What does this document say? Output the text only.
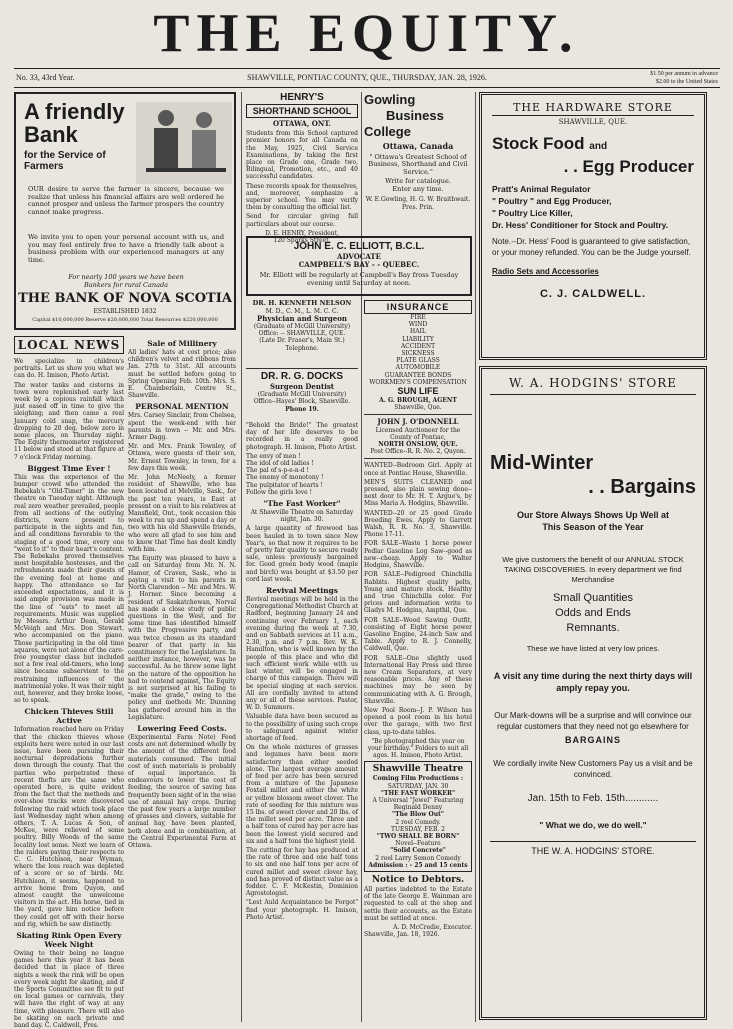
THE EQUITY.
No. 33, 43rd Year.	SHAWVILLE, PONTIAC COUNTY, QUE., THURSDAY, JAN. 28, 1926.	$1.50 per annum in advance
$2.00 to the United States
A friendly Bank
for the Service of Farmers
OUR desire to serve the farmer is sincere, because we realize that unless his financial affairs are well ordered he cannot prosper and unless the farmer prospers the country cannot make progress.
We invite you to open your personal account with us, and you may feel entirely free to have a friendly talk about a business problem with our experienced managers at any time.
For nearly 100 years we have been Bankers for rural Canada
THE BANK OF NOVA SCOTIA
ESTABLISHED 1832
Capital $10,000,000 Reserve $20,000,000 Total Resources $220,000,000
LOCAL NEWS

We specialize in children's portraits. Let us show you what we can do. H. Imison, Photo Artist.

The water tanks and cisterns in town were replenished early last week by a copious rainfall which just eased off in time to give the sleighing; and then came a real January cold snap, the mercury dropping to 20 deg. below zero in some places, on Thursday night. The Equity thermometer registered 11 below and stood at that figure at 7 o'clock Friday morning.

Biggest Time Ever !

This was the experience of the bumper crowd who attended the Rebekah's "Old-Timer" in the new theatre on Tuesday night. Although real zero weather prevailed, people from all sections of the outlying districts, were present to participate in the sights and fun, and all conditions favorable to the staging of a good time, every one "went to it" to their heart's content. The Rebekahs proved themselves most hospitable hostesses, and the refreshments made their guests of the evening feel at home and happy. The attendance so far exceeded expectations, and it is said ample provision was made in the line of "eats" to meet all requirements. Music was supplied by Messrs. Arthur Dean, Gerald McVeigh and Mrs. Don Stewart, who accompanied on the piano. Those participating in the old time squares, were not alone of the care-free youngster class but included not a few real old-timers, who long since became subservient to the restraining influences of the matrimonial yoke. It was their night out, however, and they broke loose, so to speak.

Chicken Thieves Still Active

Information reached here on Friday that the chicken thieves whose exploits here were noted in our last issue, have been pursuing their nocturnal depredations further down through the county. That the parties who perpetrated these recent thefts are the same who operated here, is quite evident from the fact that the methods and over-shoe tracks were discovered following the raid which took place last Wednesday night when among others, T. A. Lucas & Son, of McKee, were relieved of some poultry. Billy Woods of the same locality lost some. Next we learn of the raiders paying their respects to C. C. Hutchison, near Wyman, where the loss reach was depleted of a score or so of birds. Mr. Hutchison, it seems, happened to arrive home from Quyon, and almost caught the unwelcome visitors in the act. His horse, tied in the yard, gave him notice before they could get off with their horse and rig, which he saw distinctly.

Skating Rink Open Every Week Night

Owing to their being no league games here this year it has been decided that in place of three nights a week the rink will be open every week night for skating, and if the Sports Committee see fit to put on local games or carnivals, they will have the right of way at any time, with pleasure. There will also be skating on each private and band day. C. Caldwell, Pres.

Sale of Millinery

All ladies' hats at cost price; also children's velvet and ribbons from Jan. 27th to 31st. All accounts must be settled before going to Spring Opening Feb. 10th. Mrs. S. E. Chamberlain, Centre St., Shawville.

PERSONAL MENTION

Mrs. Carsey Sinclair, from Chelsea, spent the week-end with her parents in town -- Mr. and Mrs. Armer Dagg.

Mr. and Mrs. Frank Townley, of Ottawa, were guests of their son, Mr. Ernest Townley, in town, for a few days this week.

Mr. John McNeely, a former resident of Shawville, who has been located at Melville, Sask., for the past ten years, is East at present on a visit to his relatives at Mansfield, Ont., took occasion this week to run up and spend a day or two with his old Shawville friends, who were all glad to see him and to know that Time has dealt kindly with him.

The Equity was pleased to have a call on Saturday from Mr. N. N. Hamer, of Craven, Sask., who is paying a visit to his parents in North Clarendon -- Mr. and Mrs. W. J. Horner. Since becoming a resident of Saskatchewan, Norval has made a close study of public questions in the West, and for some time has identified himself with the Progressive party, and was twice chosen as its standard bearer of that party in his constituency for the Legislature. In neither instance, however, was he successful. As he threw some light on the nature of the opposition he had to contend against, The Equity is not surprised at his failing to "make the grade," owing to the policy and methods Mr. Dunning has gathered around him in the Legislature.

Lowering Feed Costs.

(Experimental Farm Note) Feed costs are not determined wholly by the amount of the different food materials consumed. The initial cost of such materials is probably of equal importance. In endeavours to lower the cost of feeding, the source of saving has frequently been sight of in the wise use of annual hay crops. During the past few years a large number of grasses and clovers, suitable for annual hay, have been planted, both alone and in combination, at the Central Experimental Farm at Ottawa.

HENRY'S
SHORTHAND SCHOOL
OTTAWA, ONT.

Students from this School captured premier honors for all Canada on the May, 1925, Civil Service Examinations, by taking the first place on Grade one, Grade two, Bilingual, Promotion, etc., and 40 successful candidates.

These records speak for themselves, and, moreover, emphasize a superior school. You may verify them by consulting the official list.

Send for circular giving full particulars about our course.

D. E. HENRY, President,
120 Sparks Street.
Gowling
Business
College
Ottawa, Canada

" Ottawa's Greatest School of Business, Shorthand and Civil Service."

Write for catalogue.
Enter any time.
W. E.Gowling, H. G. W. Braithwait.
Pres. Prin.
JOHN E. C. ELLIOTT, B.C.L.
ADVOCATE
CAMPBELL'S BAY - - QUEBEC.
Mr. Elliott will be regularly at Campbell's Bay fross Tuesday evening until Saturday at noon.
DR. H. KENNETH NELSON
M. D., C. M., L. M. C. C.
Physician and Surgeon
(Graduate of McGill University)
Office: -- SHAWVILLE, QUE.
(Late Dr. Fraser's, Main St.)
Telephone.
DR. R. G. DOCKS
Surgeon Dentist
(Graduate McGill University)
Office--Hayes' Block, Shawville.
Phone 19.

"Behold the Bride!" The greatest day of her life deserves to be recorded in a really good photograph. H. Imison, Photo Artist.

The envy of men !
The idol of old ladies !
The pal of s-p-e-n-d !
The enemy of monotony !
The pulpitator of hearts !
Follow the girls love !
"The Fast Worker"

At Shawville Theatre on Saturday night, Jan. 30.

A large quantity of firewood has been hauled in to town since New Year's, so that now it requires to be of pretty fair quality to secure ready sale, unless previously bargained for. Good green body wood (maple and birch) was bought at $3.50 per cord last week.

Revival Meetings

Revival meetings will be held in the Congregational Methodist Church at Radford, beginning January 24 and continuing over February 1, each evening during the week at 7.30, and on Sabbath services at 11 a.m., 2.30, p.m. and 7 p.m. Rev. W. K. Hamilton, who is well known by the people of this place and who did such efficient work while with us last winter, will be engaged in charge of this campaign. There will be special singing at each service. All are cordially invited to attend any or all of these services. Pastor, W. D. Summers.

Valuable data have been secured as to the possibility of using such crops to safeguard against winter shortage of feed.

On the whole mixtures of grasses and legumes have been more satisfactory than either seeded alone. The largest average amount of feed per acre has been secured from a mixture of the Japanese Foxtail millet and either the white or yellow blossom sweet clover. The rate of seeding for this mixture was 15 lbs. of sweet clover and 20 lbs. of the millet seed per acre. Three and a half tons of cured hay per acre has been the lowest yield secured and six and a half tons the highest yield.

The cutting for hay has produced at the rate of three and one half tons to six and one half tons per acre of cured millet and sweet clover hay, and has proved of distinct value as a fodder. C. F. McKestin, Dominion Agrostologist.

"Lest Auld Acquaintance be Forgot" find your photograph. H. Imison, Photo Artist.

INSURANCE
FIRE
WIND
HAIL
LIABILITY
ACCIDENT
SICKNESS
PLATE GLASS
AUTOMOBILE
GUARANTEE BONDS
WORKMEN'S COMPENSATION
SUN LIFE
A. G. BROUGH, AGENT
Shawville, Que.
JOHN J. O'DONNELL
Licensed Auctioneer for the County of Pontiac,
NORTH ONSLOW, QUE.
Post Office--R. R. No. 2, Quyon.

WANTED--Bedroom Girl. Apply at once at Pontiac House, Shawville.

MEN'S SUITS CLEANED and pressed, also plain sewing done--next door to Mr. H. T. Argue's, by Miss Maria A. Hodgins, Shawville.

WANTED--20 or 25 good Grade Breeding Ewes. Apply to Garrett Walsh, R. R. No. 3, Shawville. Phone 17-11.

FOR SALE--Waste 1 horse power Pedlar Gasoline Log Saw--good as new--cheap. Apply to Walter Hodgins, Shawville.

FOR SALE--Pedigreed Chinchilla Rabbits. Highest quality pelts, Young and mature stock. Healthy and true Chinchilla color. For prices and information write to Gladys M. Hodgins, Ampthil, Que.

FOR SALE--Wood Sawing Outfit, consisting of Eight horse power Gasoline Engine, 24-inch Saw and Table. Apply to R. J. Connelly, Caldwell, Que.

FOR SALE--One slightly used International Hay Press and three new Cream Separators, at very reasonable prices. Any of these machines may be seen by communicating with A. G. Brough, Shawville.

New Pool Room--J. P. Wilson has opened a pool room in his hotel over the garage, with two first class, up-to-date tables.

"Be photographed this year on your birthday." Folders to suit all ages. H. Imison, Photo Artist.

Shawville Theatre
Coming Film Productions :
SATURDAY, JAN. 30
"THE FAST WORKER"
A Universal "Jewel" Featuring
Reginald Denny
"The Blow Out"
2 reel Comedy.
TUESDAY, FEB. 2
"TWO SHALL BE BORN"
Novel--Feature
"Solid Concrete"
2 reel Larry Semon Comedy
Admission : - 25 and 15 cents
Notice to Debtors.

All parties indebted to the Estate of the late George E. Wainman are requested to call at the shop and settle their accounts, as the Estate must be settled at once.

A. D. McCredie, Executor.
Shawville, Jan. 18, 1926.
THE HARDWARE STORE
SHAWVILLE, QUE.
Stock Food and
. . Egg Producer
Pratt's Animal Regulator
" Poultry " and Egg Producer,
" Poultry Lice Killer,
Dr. Hess' Conditioner for Stock and Poultry.
Note.--Dr. Hess' Food is guaranteed to give satisfaction, or your money refunded. You can be the Judge yourself.
Radio Sets and Accessories
C. J. CALDWELL.
W. A. HODGINS' STORE
Mid-Winter
. . Bargains
Our Store Always Shows Up Well at
This Season of the Year
We give customers the benefit of our ANNUAL STOCK TAKING DISCOVERIES. In every department we find Merchandise
Small Quantities
Odds and Ends
Remnants.
These we have listed at very low prices.
A visit any time during the next thirty days will amply repay you.
Our Mark-downs will be a surprise and will convince our regular customers that they need not go elsewhere for
BARGAINS
We cordially invite New Customers Pay us a visit and be convinced.
Jan. 15th to Feb. 15th............
" What we do, we do well."
THE W. A. HODGINS' STORE.
